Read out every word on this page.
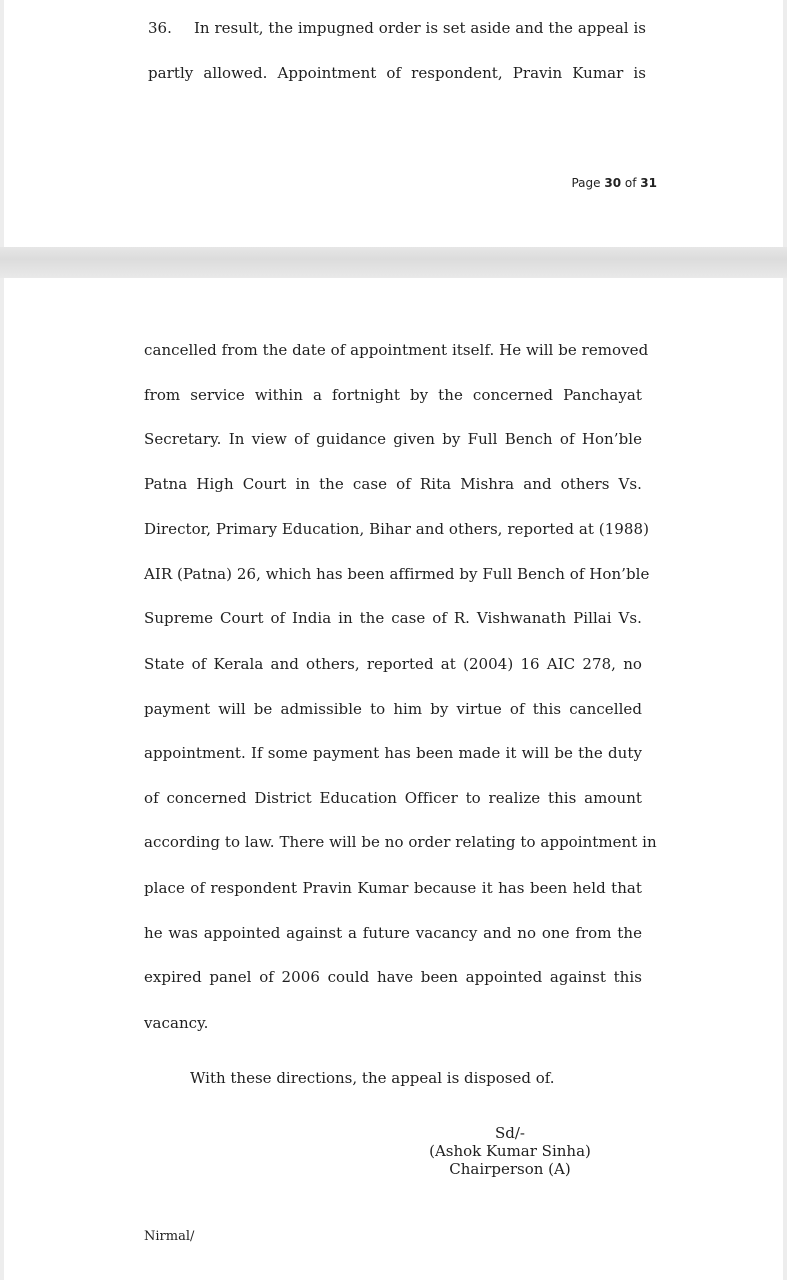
36. In result, the impugned order is set aside and the appeal is
partly allowed. Appointment of respondent, Pravin Kumar is
Page 30 of 31
cancelled from the date of appointment itself. He will be removed
from service within a fortnight by the concerned Panchayat
Secretary. In view of guidance given by Full Bench of Hon’ble
Patna High Court in the case of Rita Mishra and others Vs.
Director, Primary Education, Bihar and others, reported at (1988)
AIR (Patna) 26, which has been affirmed by Full Bench of Hon’ble
Supreme Court of India in the case of R. Vishwanath Pillai Vs.
State of Kerala and others, reported at (2004) 16 AIC 278, no
payment will be admissible to him by virtue of this cancelled
appointment. If some payment has been made it will be the duty
of concerned District Education Officer to realize this amount
according to law. There will be no order relating to appointment in
place of respondent Pravin Kumar because it has been held that
he was appointed against a future vacancy and no one from the
expired panel of 2006 could have been appointed against this
vacancy.
With these directions, the appeal is disposed of.
Sd/-
(Ashok Kumar Sinha)
Chairperson (A)
Nirmal/
